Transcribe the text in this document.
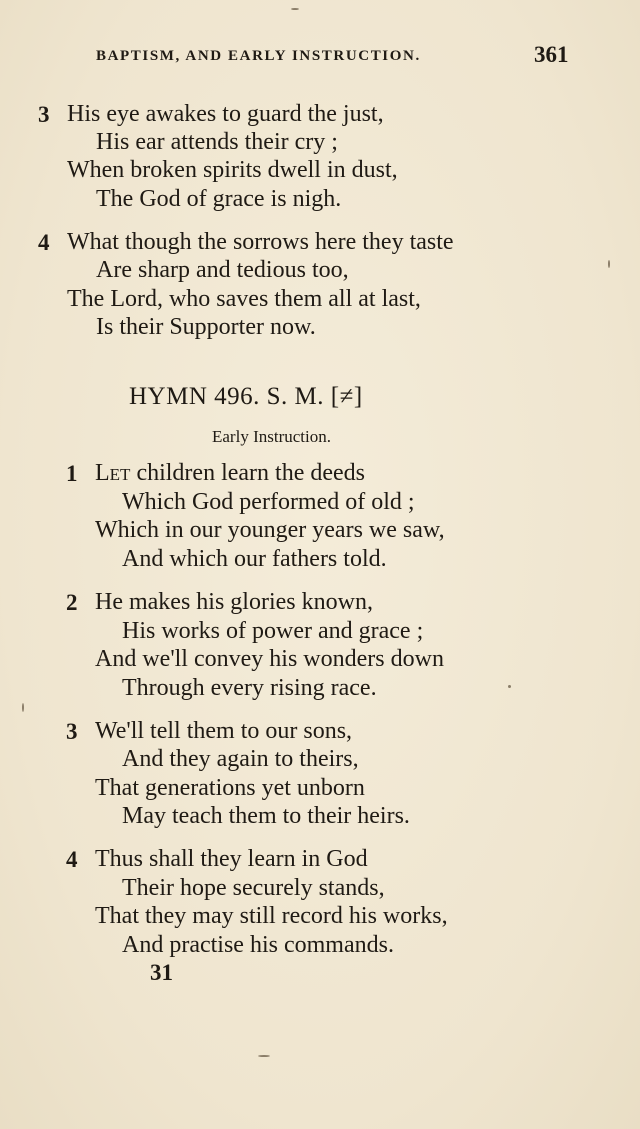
BAPTISM, AND EARLY INSTRUCTION.	361
3 His eye awakes to guard the just,
His ear attends their cry ;
When broken spirits dwell in dust,
The God of grace is nigh.
4 What though the sorrows here they taste
Are sharp and tedious too,
The Lord, who saves them all at last,
Is their Supporter now.
HYMN 496. S. M. [≠]
Early Instruction.
1 Let children learn the deeds
Which God performed of old ;
Which in our younger years we saw,
And which our fathers told.
2 He makes his glories known,
His works of power and grace ;
And we'll convey his wonders down
Through every rising race.
3 We'll tell them to our sons,
And they again to theirs,
That generations yet unborn
May teach them to their heirs.
4 Thus shall they learn in God
Their hope securely stands,
That they may still record his works,
And practise his commands.
31
